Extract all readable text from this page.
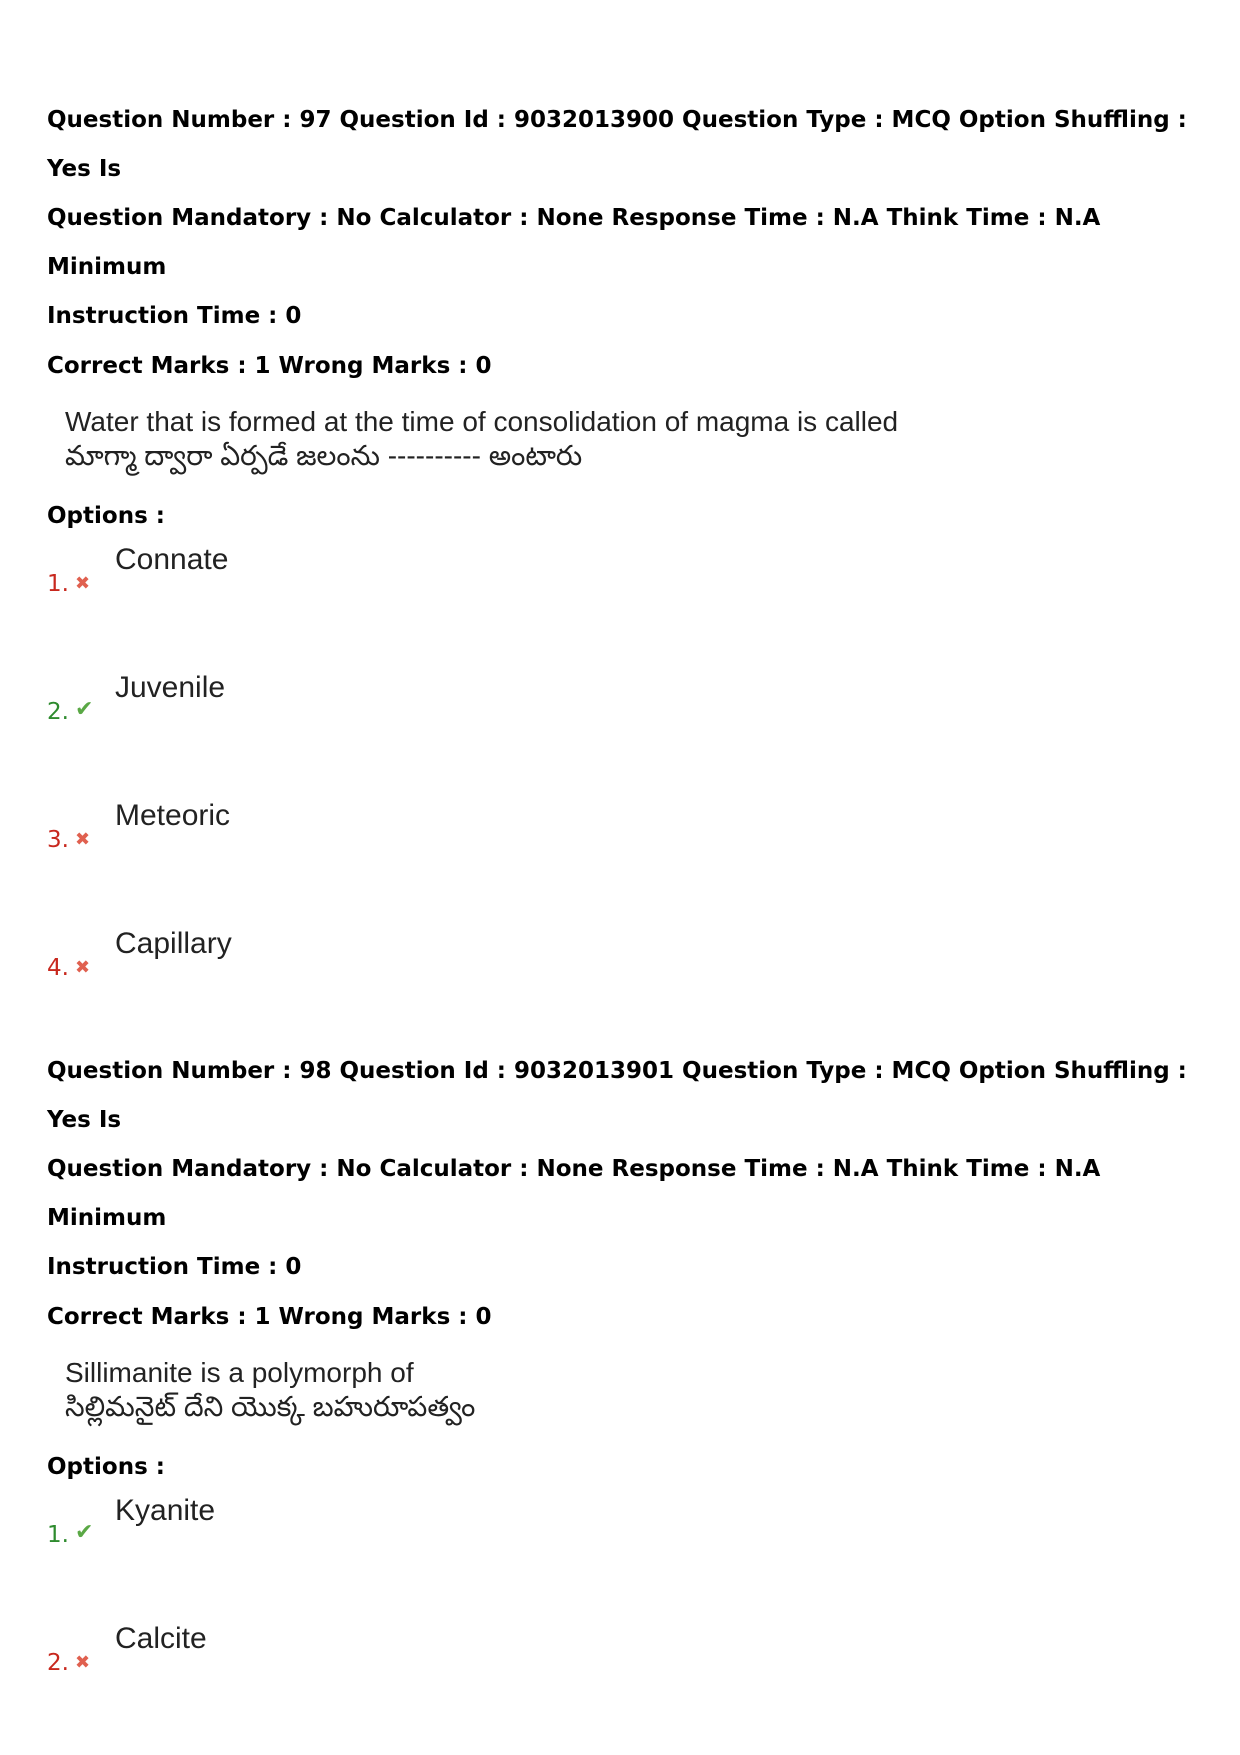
Question Number : 97 Question Id : 9032013900 Question Type : MCQ Option Shuffling : Yes Is
Question Mandatory : No Calculator : None Response Time : N.A Think Time : N.A Minimum
Instruction Time : 0
Correct Marks : 1 Wrong Marks : 0
Water that is formed at the time of consolidation of magma is called
మాగ్మా ద్వారా ఏర్పడే జలంను ---------- అంటారు
Options :
1. ✖
Connate
2. ✔
Juvenile
3. ✖
Meteoric
4. ✖
Capillary
Question Number : 98 Question Id : 9032013901 Question Type : MCQ Option Shuffling : Yes Is
Question Mandatory : No Calculator : None Response Time : N.A Think Time : N.A Minimum
Instruction Time : 0
Correct Marks : 1 Wrong Marks : 0
Sillimanite is a polymorph of
సిల్లిమనైట్ దేని యొక్క బహురూపత్వం
Options :
1. ✔
Kyanite
2. ✖
Calcite
